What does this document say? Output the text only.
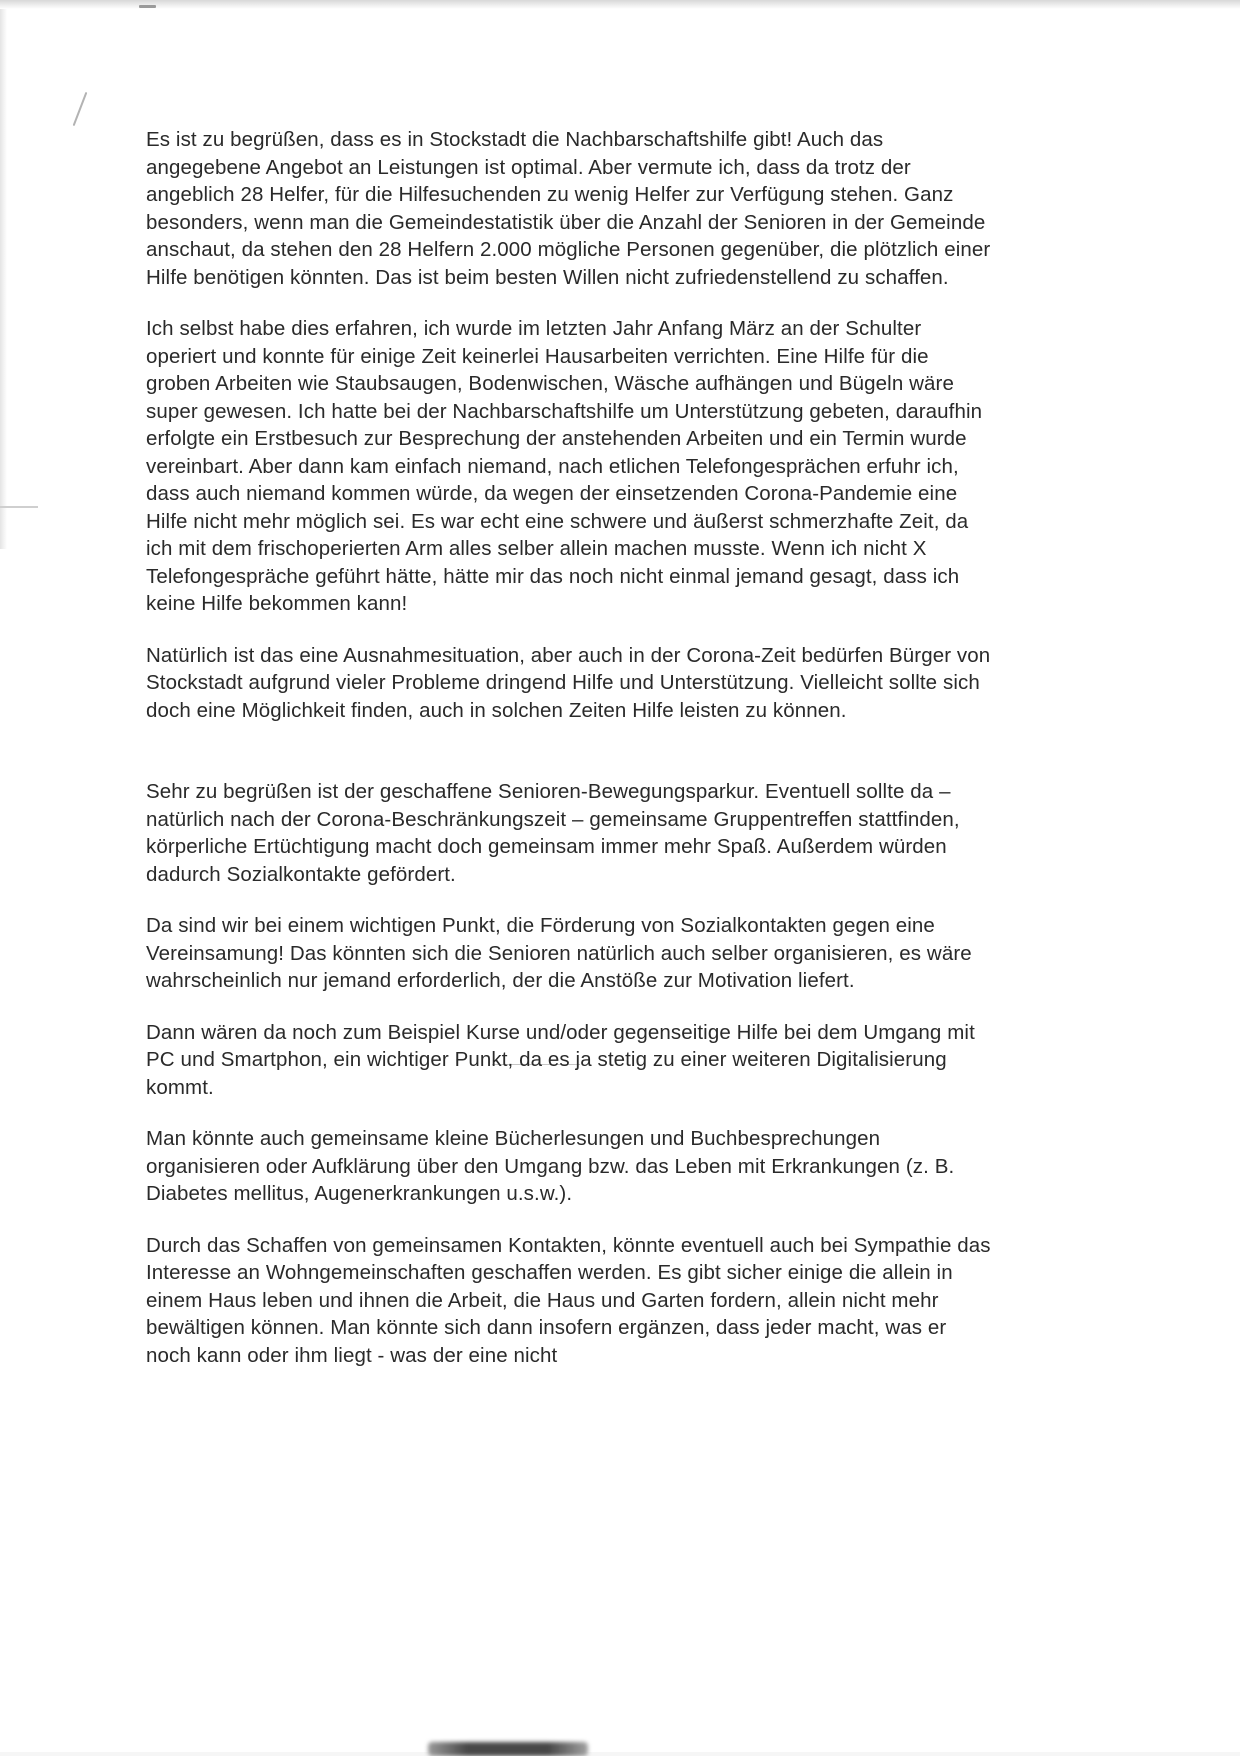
Es ist zu begrüßen, dass es in Stockstadt die Nachbarschaftshilfe gibt! Auch das angegebene Angebot an Leistungen ist optimal. Aber vermute ich, dass da trotz der angeblich 28 Helfer, für die Hilfesuchenden zu wenig Helfer zur Verfügung stehen. Ganz besonders, wenn man die Gemeindestatistik über die Anzahl der Senioren in der Gemeinde anschaut, da stehen den 28 Helfern 2.000 mögliche Personen gegenüber, die plötzlich einer Hilfe benötigen könnten. Das ist beim besten Willen nicht zufriedenstellend zu schaffen.

Ich selbst habe dies erfahren, ich wurde im letzten Jahr Anfang März an der Schulter operiert und konnte für einige Zeit keinerlei Hausarbeiten verrichten. Eine Hilfe für die groben Arbeiten wie Staubsaugen, Bodenwischen, Wäsche aufhängen und Bügeln wäre super gewesen. Ich hatte bei der Nachbarschaftshilfe um Unterstützung gebeten, daraufhin erfolgte ein Erstbesuch zur Besprechung der anstehenden Arbeiten und ein Termin wurde vereinbart. Aber dann kam einfach niemand, nach etlichen Telefongesprächen erfuhr ich, dass auch niemand kommen würde, da wegen der einsetzenden Corona-Pandemie eine Hilfe nicht mehr möglich sei. Es war echt eine schwere und äußerst schmerzhafte Zeit, da ich mit dem frischoperierten Arm alles selber allein machen musste. Wenn ich nicht X Telefongespräche geführt hätte, hätte mir das noch nicht einmal jemand gesagt, dass ich keine Hilfe bekommen kann!

Natürlich ist das eine Ausnahmesituation, aber auch in der Corona-Zeit bedürfen Bürger von Stockstadt aufgrund vieler Probleme dringend Hilfe und Unterstützung. Vielleicht sollte sich doch eine Möglichkeit finden, auch in solchen Zeiten Hilfe leisten zu können.

Sehr zu begrüßen ist der geschaffene Senioren-Bewegungsparkur. Eventuell sollte da – natürlich nach der Corona-Beschränkungszeit – gemeinsame Gruppentreffen stattfinden, körperliche Ertüchtigung macht doch gemeinsam immer mehr Spaß. Außerdem würden dadurch Sozialkontakte gefördert.

Da sind wir bei einem wichtigen Punkt, die Förderung von Sozialkontakten gegen eine Vereinsamung! Das könnten sich die Senioren natürlich auch selber organisieren, es wäre wahrscheinlich nur jemand erforderlich, der die Anstöße zur Motivation liefert.

Dann wären da noch zum Beispiel Kurse und/oder gegenseitige Hilfe bei dem Umgang mit PC und Smartphon, ein wichtiger Punkt, da es ja stetig zu einer weiteren Digitalisierung kommt.

Man könnte auch gemeinsame kleine Bücherlesungen und Buchbesprechungen organisieren oder Aufklärung über den Umgang bzw. das Leben mit Erkrankungen (z. B. Diabetes mellitus, Augenerkrankungen u.s.w.).

Durch das Schaffen von gemeinsamen Kontakten, könnte eventuell auch bei Sympathie das Interesse an Wohngemeinschaften geschaffen werden. Es gibt sicher einige die allein in einem Haus leben und ihnen die Arbeit, die Haus und Garten fordern, allein nicht mehr bewältigen können. Man könnte sich dann insofern ergänzen, dass jeder macht, was er noch kann oder ihm liegt - was der eine nicht
